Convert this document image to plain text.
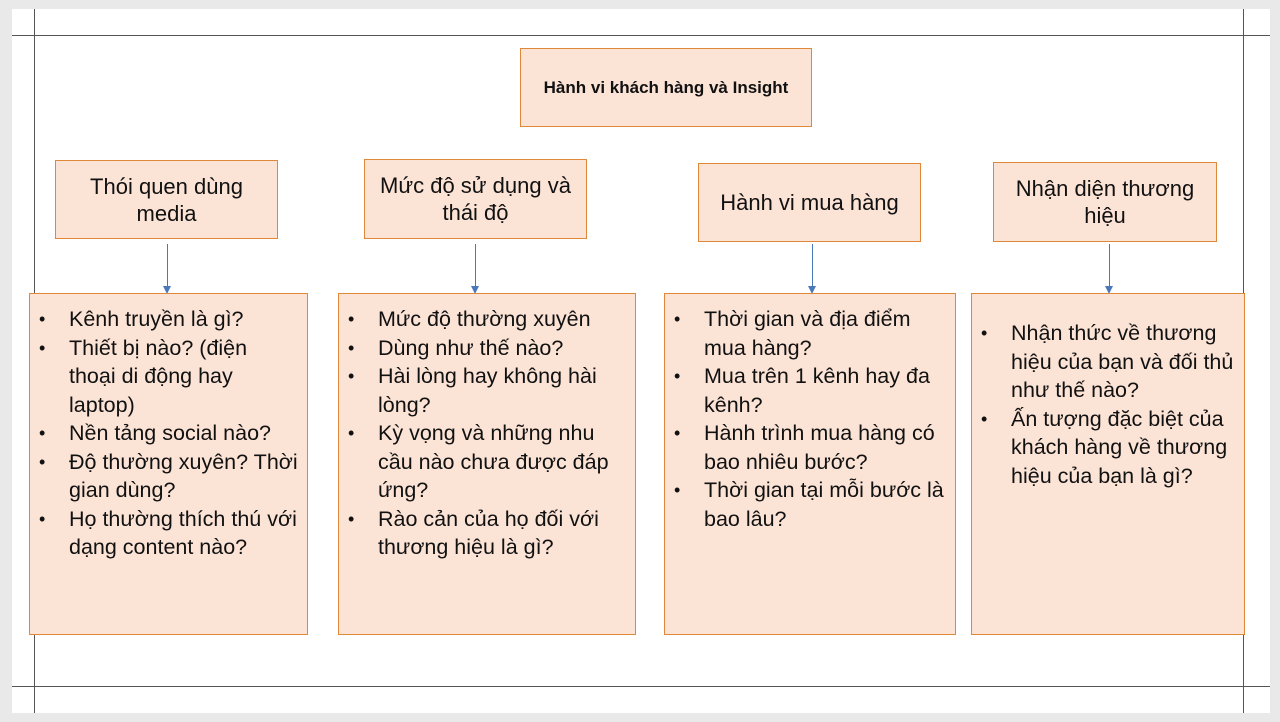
Hành vi khách hàng và Insight
Thói quen dùng media
• Kênh truyền là gì?
• Thiết bị nào? (điện thoại di động hay laptop)
• Nền tảng social nào?
• Độ thường xuyên? Thời gian dùng?
• Họ thường thích thú với dạng content nào?
Mức độ sử dụng và thái độ
• Mức độ thường xuyên
• Dùng như thế nào?
• Hài lòng hay không hài lòng?
• Kỳ vọng và những nhu cầu nào chưa được đáp ứng?
• Rào cản của họ đối với thương hiệu là gì?
Hành vi mua hàng
• Thời gian và địa điểm mua hàng?
• Mua trên 1 kênh hay đa kênh?
• Hành trình mua hàng có bao nhiêu bước?
• Thời gian tại mỗi bước là bao lâu?
Nhận diện thương hiệu
• Nhận thức về thương hiệu của bạn và đối thủ như thế nào?
• Ấn tượng đặc biệt của khách hàng về thương hiệu của bạn là gì?
